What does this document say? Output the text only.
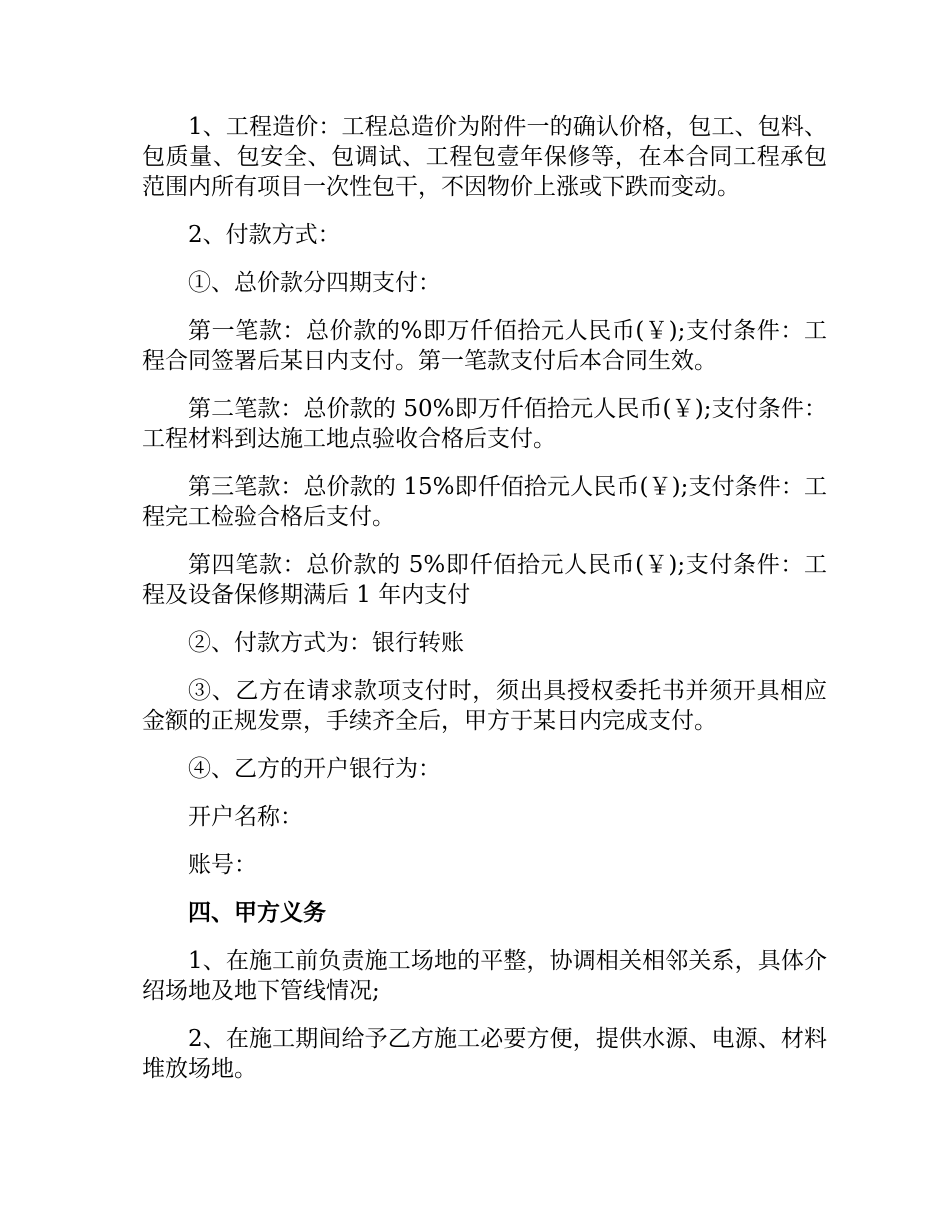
1、工程造价：工程总造价为附件一的确认价格，包工、包料、包质量、包安全、包调试、工程包壹年保修等，在本合同工程承包范围内所有项目一次性包干，不因物价上涨或下跌而变动。

2、付款方式：

①、总价款分四期支付：

第一笔款：总价款的%即万仟佰拾元人民币(￥);支付条件：工程合同签署后某日内支付。第一笔款支付后本合同生效。

第二笔款：总价款的 50%即万仟佰拾元人民币(￥);支付条件：工程材料到达施工地点验收合格后支付。

第三笔款：总价款的 15%即仟佰拾元人民币(￥);支付条件：工程完工检验合格后支付。

第四笔款：总价款的 5%即仟佰拾元人民币(￥);支付条件：工程及设备保修期满后 1 年内支付

②、付款方式为：银行转账

③、乙方在请求款项支付时，须出具授权委托书并须开具相应金额的正规发票，手续齐全后，甲方于某日内完成支付。

④、乙方的开户银行为：

开户名称：

账号：

四、甲方义务

1、在施工前负责施工场地的平整，协调相关相邻关系，具体介绍场地及地下管线情况;

2、在施工期间给予乙方施工必要方便，提供水源、电源、材料堆放场地。
